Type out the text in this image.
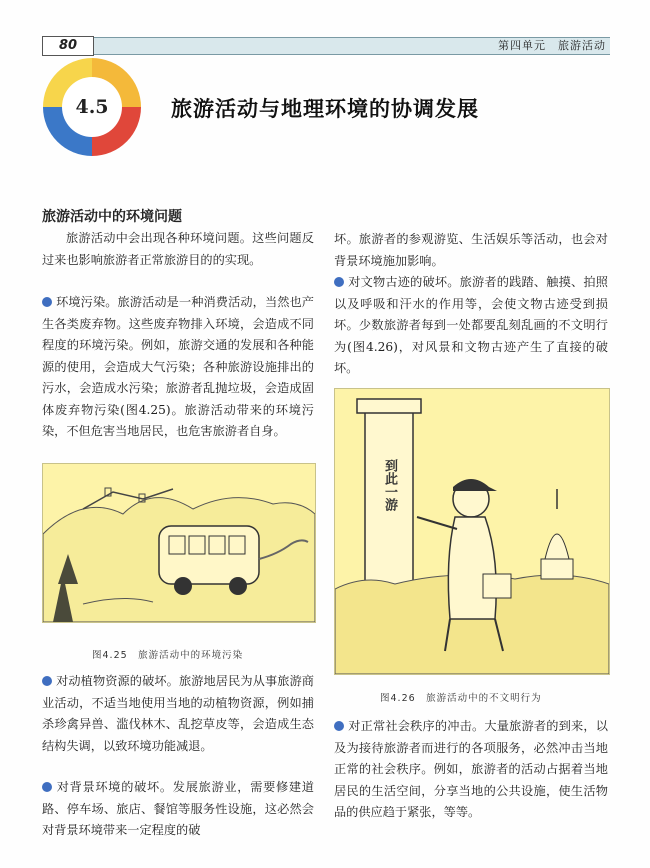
80	第四单元　旅游活动
4.5	旅游活动与地理环境的协调发展
旅游活动中的环境问题

旅游活动中会出现各种环境问题。这些问题反过来也影响旅游者正常旅游目的的实现。

环境污染。旅游活动是一种消费活动，当然也产生各类废弃物。这些废弃物排入环境，会造成不同程度的环境污染。例如，旅游交通的发展和各种能源的使用，会造成大气污染；各种旅游设施排出的污水，会造成水污染；旅游者乱抛垃圾，会造成固体废弃物污染(图4.25)。旅游活动带来的环境污染，不但危害当地居民，也危害旅游者自身。

图4.25　旅游活动中的环境污染

对动植物资源的破坏。旅游地居民为从事旅游商业活动，不适当地使用当地的动植物资源，例如捕杀珍禽异兽、滥伐林木、乱挖草皮等，会造成生态结构失调，以致环境功能减退。

对背景环境的破坏。发展旅游业，需要修建道路、停车场、旅店、餐馆等服务性设施，这必然会对背景环境带来一定程度的破

坏。旅游者的参观游览、生活娱乐等活动，也会对背景环境施加影响。

对文物古迹的破坏。旅游者的践踏、触摸、拍照以及呼吸和汗水的作用等，会使文物古迹受到损坏。少数旅游者每到一处都要乱刻乱画的不文明行为(图4.26)，对风景和文物古迹产生了直接的破坏。

到此一游
图4.26　旅游活动中的不文明行为

对正常社会秩序的冲击。大量旅游者的到来，以及为接待旅游者而进行的各项服务，必然冲击当地正常的社会秩序。例如，旅游者的活动占据着当地居民的生活空间，分享当地的公共设施，使生活物品的供应趋于紧张，等等。
